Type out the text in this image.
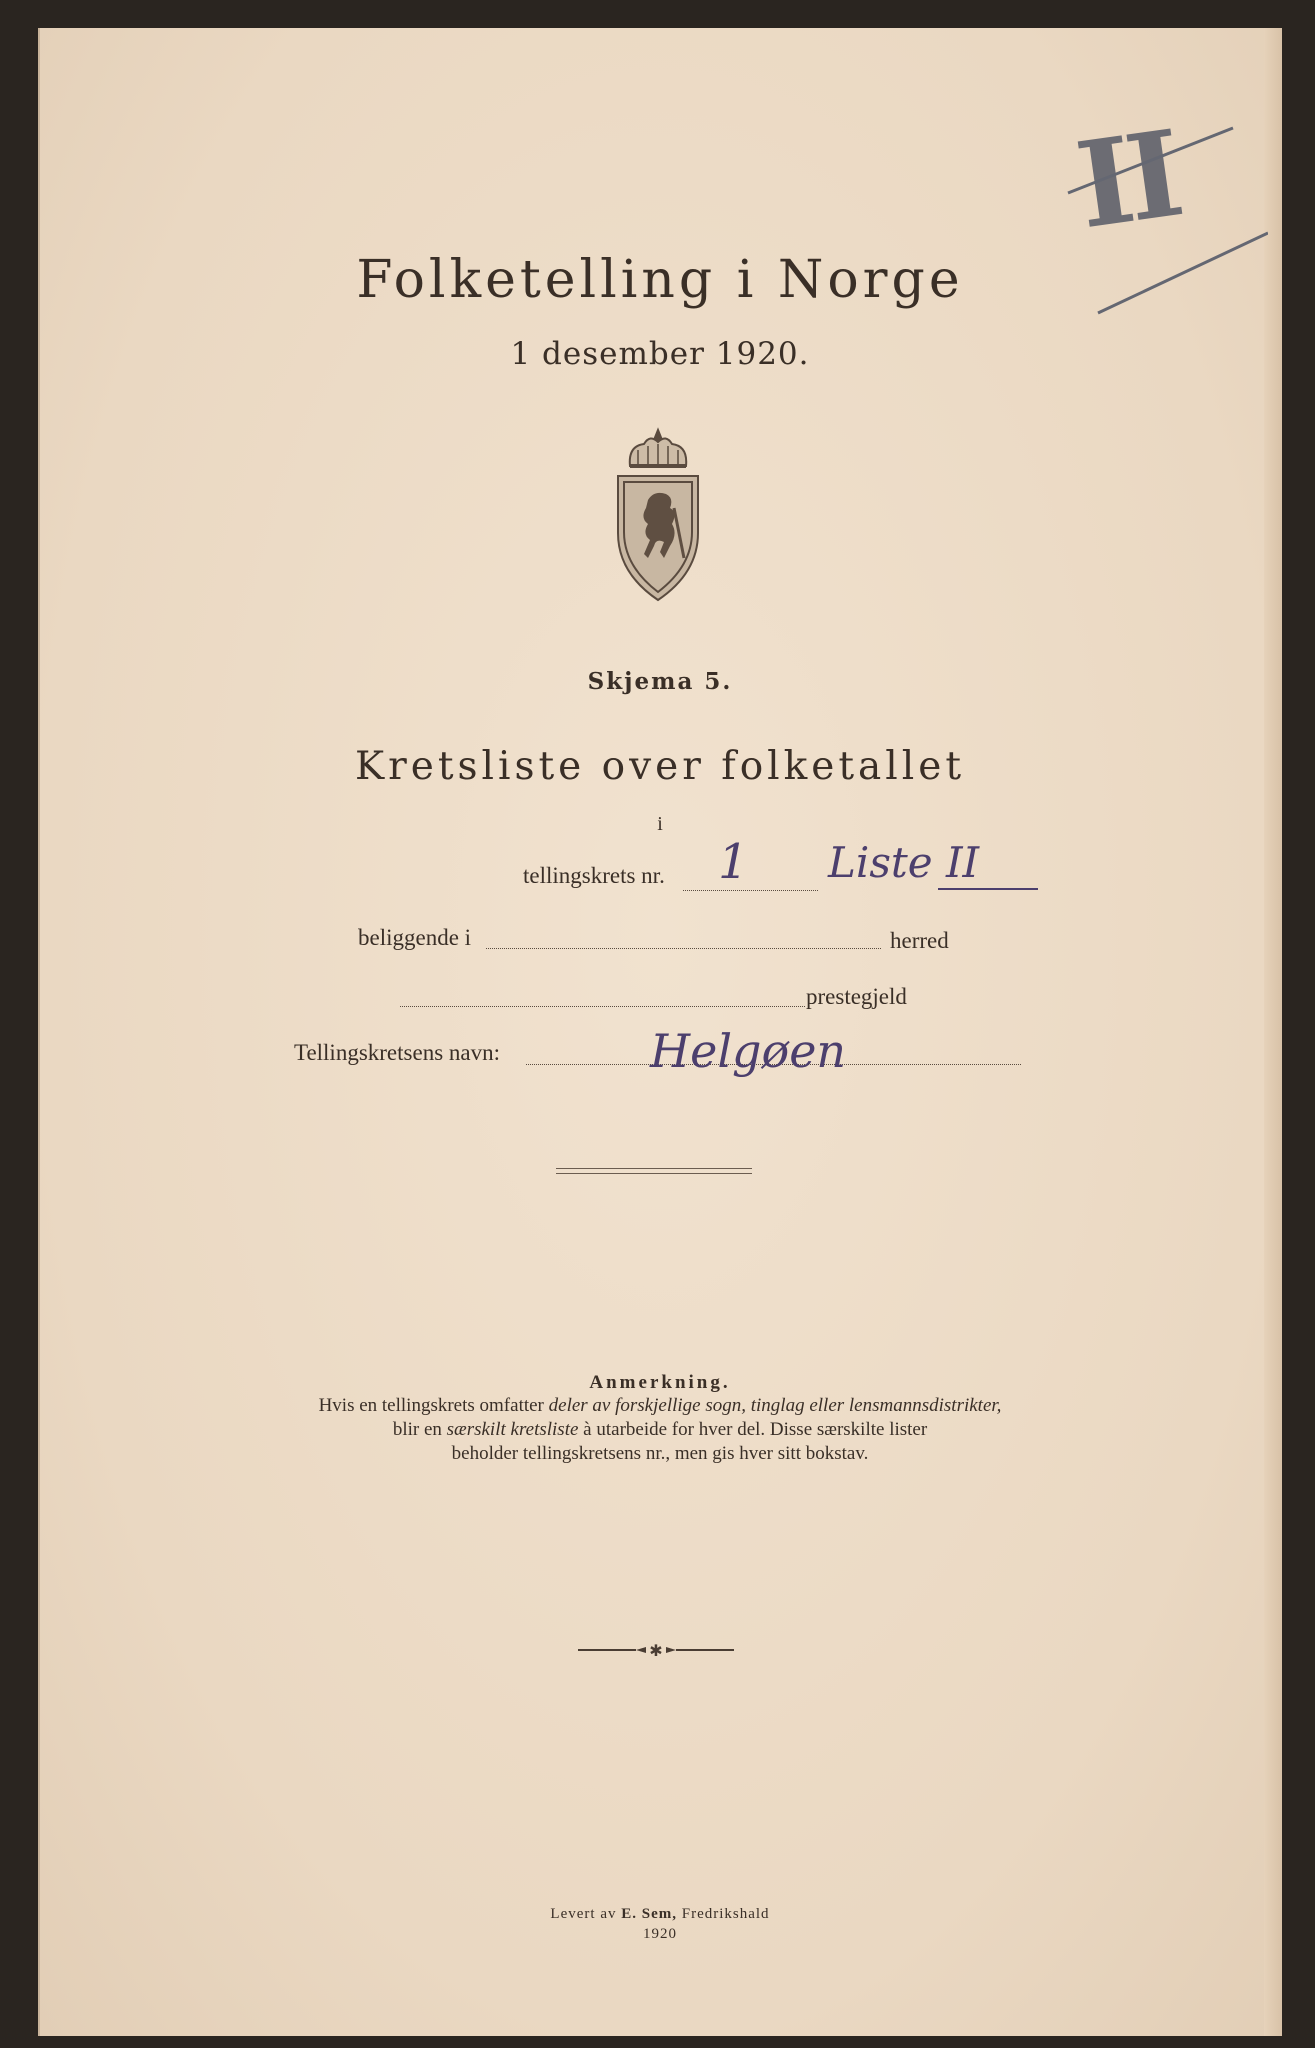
II
Folketelling i Norge
1 desember 1920.
Skjema 5.
Kretsliste over folketallet
i
tellingskrets nr. 1 Liste II
beliggende i	herred
prestegjeld
Tellingskretsens navn:	Helgøen
Anmerkning.
Hvis en tellingskrets omfatter deler av forskjellige sogn, tinglag eller lensmannsdistrikter,
blir en særskilt kretsliste à utarbeide for hver del. Disse særskilte lister
beholder tellingskretsens nr., men gis hver sitt bokstav.
✱
Levert av E. Sem, Fredrikshald
1920
